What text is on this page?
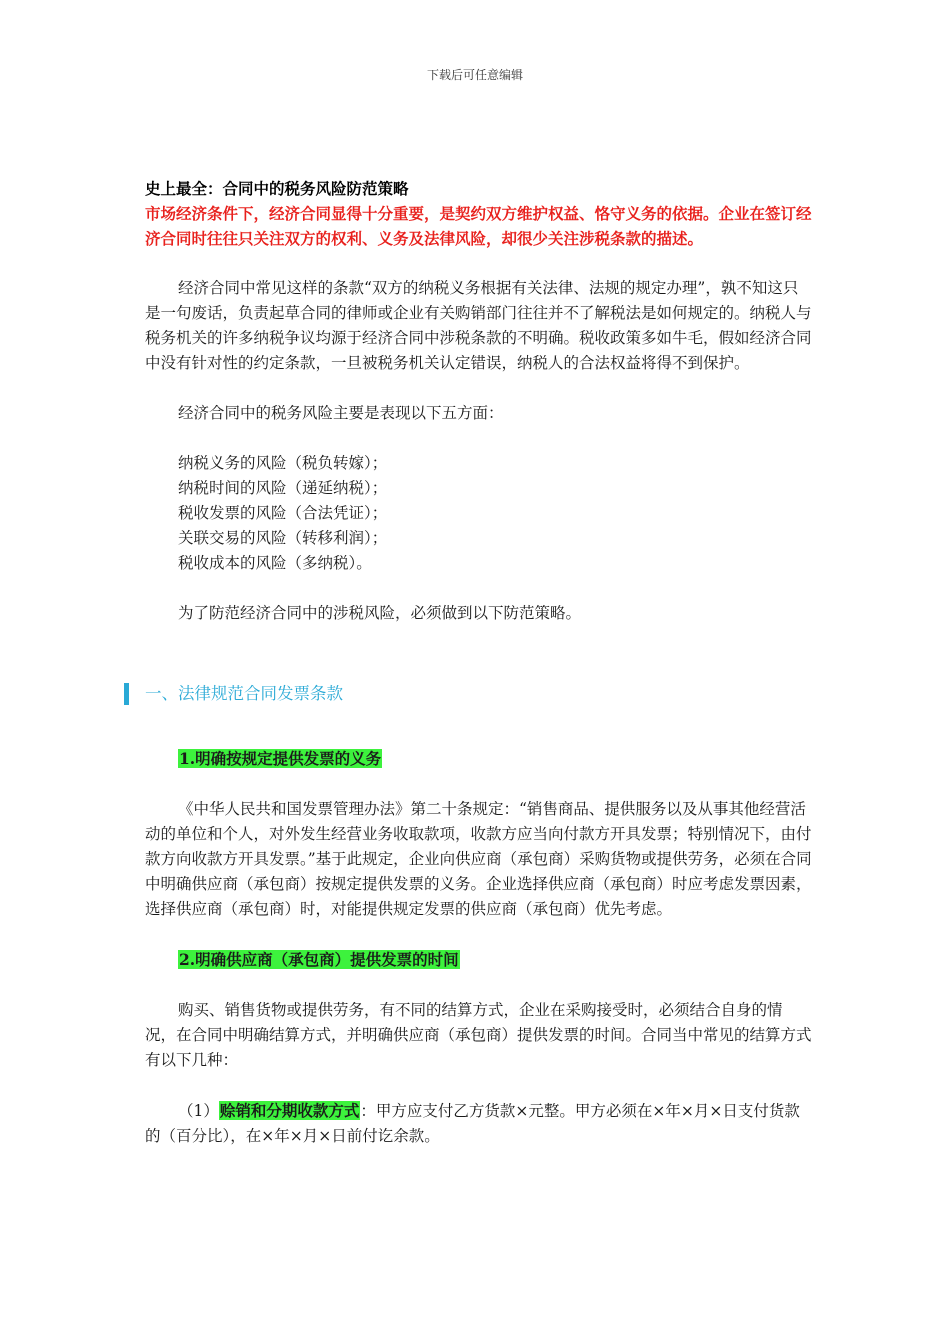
下载后可任意编辑

史上最全：合同中的税务风险防范策略

市场经济条件下，经济合同显得十分重要，是契约双方维护权益、恪守义务的依据。企业在签订经济合同时往往只关注双方的权利、义务及法律风险，却很少关注涉税条款的描述。

经济合同中常见这样的条款“双方的纳税义务根据有关法律、法规的规定办理”，孰不知这只是一句废话，负责起草合同的律师或企业有关购销部门往往并不了解税法是如何规定的。纳税人与税务机关的许多纳税争议均源于经济合同中涉税条款的不明确。税收政策多如牛毛，假如经济合同中没有针对性的约定条款，一旦被税务机关认定错误，纳税人的合法权益将得不到保护。

经济合同中的税务风险主要是表现以下五方面：

纳税义务的风险（税负转嫁）；

纳税时间的风险（递延纳税）；

税收发票的风险（合法凭证）；

关联交易的风险（转移利润）；

税收成本的风险（多纳税）。

为了防范经济合同中的涉税风险，必须做到以下防范策略。

一、法律规范合同发票条款

1.明确按规定提供发票的义务

《中华人民共和国发票管理办法》第二十条规定：“销售商品、提供服务以及从事其他经营活动的单位和个人，对外发生经营业务收取款项，收款方应当向付款方开具发票；特别情况下，由付款方向收款方开具发票。”基于此规定，企业向供应商（承包商）采购货物或提供劳务，必须在合同中明确供应商（承包商）按规定提供发票的义务。企业选择供应商（承包商）时应考虑发票因素，选择供应商（承包商）时，对能提供规定发票的供应商（承包商）优先考虑。

2.明确供应商（承包商）提供发票的时间

购买、销售货物或提供劳务，有不同的结算方式，企业在采购接受时，必须结合自身的情况，在合同中明确结算方式，并明确供应商（承包商）提供发票的时间。合同当中常见的结算方式有以下几种：

（1）赊销和分期收款方式：甲方应支付乙方货款×元整。甲方必须在×年×月×日支付货款的（百分比），在×年×月×日前付讫余款。
